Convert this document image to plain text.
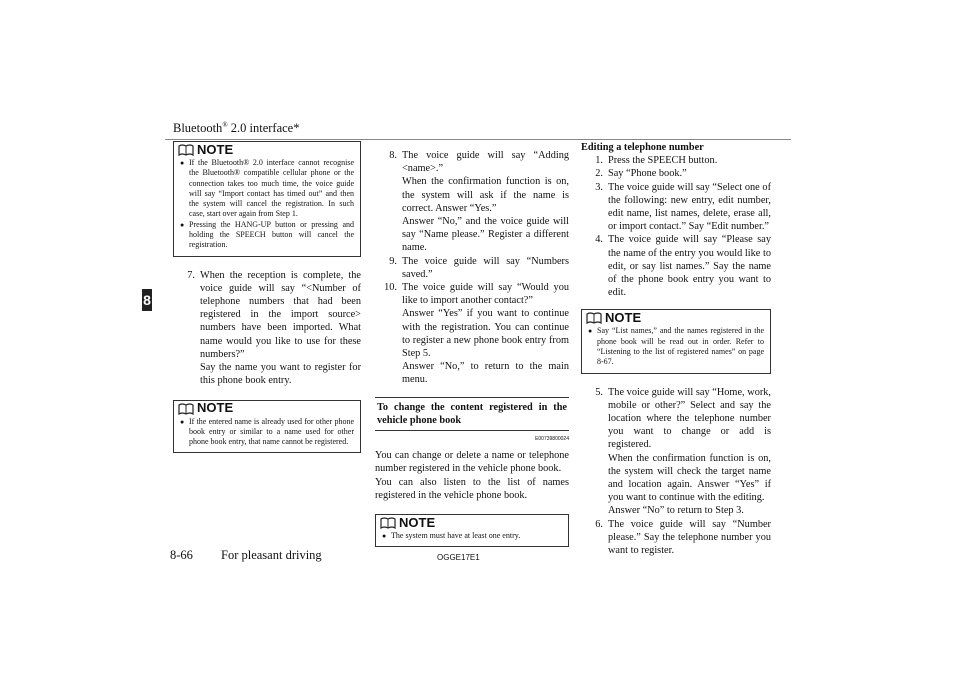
Bluetooth® 2.0 interface*
8
NOTE
● If the Bluetooth® 2.0 interface cannot recognise the Bluetooth® compatible cellular phone or the connection takes too much time, the voice guide will say “Import contact has timed out” and then the system will cancel the registration. In such case, start over again from Step 1.
● Pressing the HANG-UP button or pressing and holding the SPEECH button will cancel the registration.
7. When the reception is complete, the voice guide will say “<Number of telephone numbers that had been registered in the import source> numbers have been imported. What name would you like to use for these numbers?”

Say the name you want to register for this phone book entry.

NOTE
● If the entered name is already used for other phone book entry or similar to a name used for other phone book entry, that name cannot be registered.
8. The voice guide will say “Adding <name>.”

When the confirmation function is on, the system will ask if the name is correct. Answer “Yes.”

Answer “No,” and the voice guide will say “Name please.” Register a different name.

9. The voice guide will say “Numbers saved.”

10. The voice guide will say “Would you like to import another contact?”

Answer “Yes” if you want to continue with the registration. You can continue to register a new phone book entry from Step 5.

Answer “No,” to return to the main menu.

To change the content registered in the vehicle phone book
E00739800024

You can change or delete a name or telephone number registered in the vehicle phone book.

You can also listen to the list of names registered in the vehicle phone book.

NOTE
● The system must have at least one entry.
Editing a telephone number
1. Press the SPEECH button.

2. Say “Phone book.”

3. The voice guide will say “Select one of the following: new entry, edit number, edit name, list names, delete, erase all, or import contact.” Say “Edit number.”

4. The voice guide will say “Please say the name of the entry you would like to edit, or say list names.” Say the name of the phone book entry you want to edit.

NOTE
● Say “List names,” and the names registered in the phone book will be read out in order. Refer to “Listening to the list of registered names” on page 8-67.
5. The voice guide will say “Home, work, mobile or other?” Select and say the location where the telephone number you want to change or add is registered.

When the confirmation function is on, the system will check the target name and location again. Answer “Yes” if you want to continue with the editing.

Answer “No” to return to Step 3.

6. The voice guide will say “Number please.” Say the telephone number you want to register.

8-66 For pleasant driving	OGGE17E1
